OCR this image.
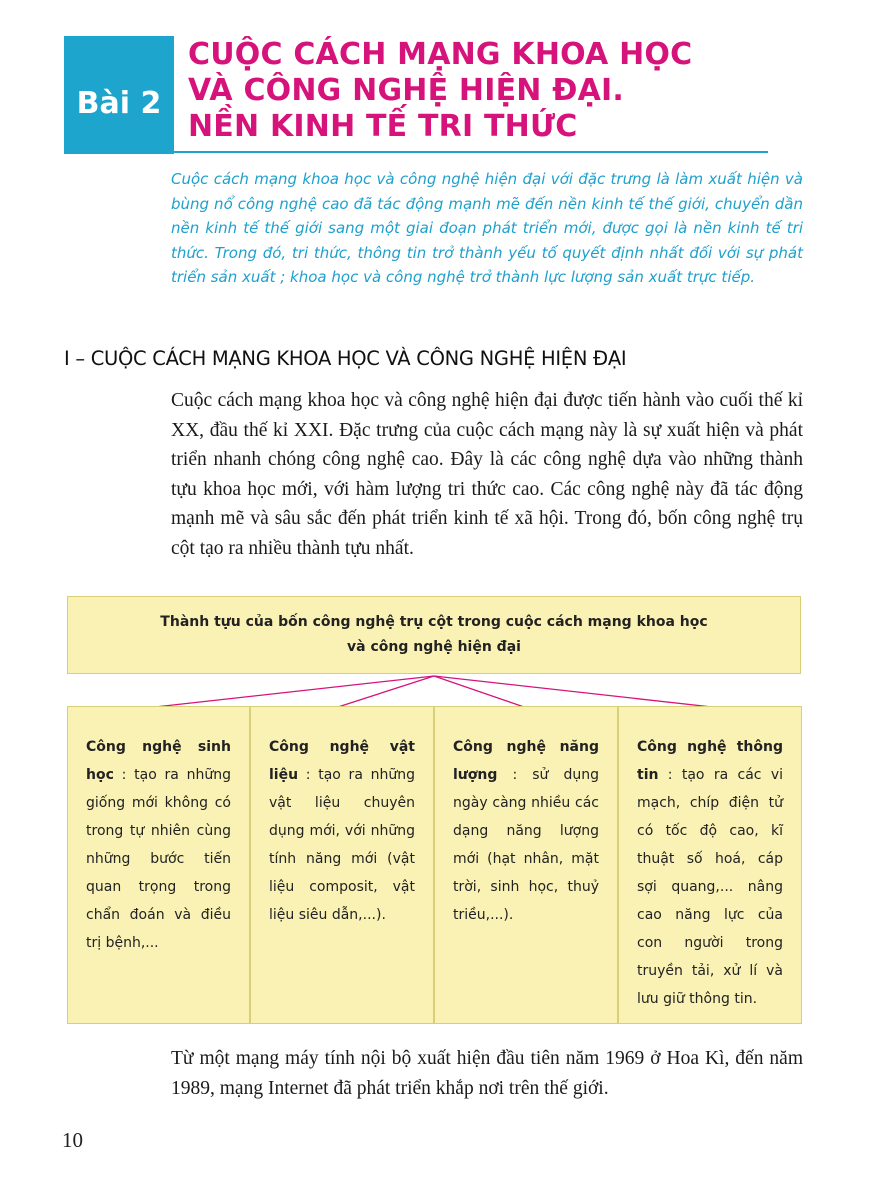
Bài 2
CUỘC CÁCH MẠNG KHOA HỌC
VÀ CÔNG NGHỆ HIỆN ĐẠI.
NỀN KINH TẾ TRI THỨC
Cuộc cách mạng khoa học và công nghệ hiện đại với đặc trưng là làm xuất hiện và bùng nổ công nghệ cao đã tác động mạnh mẽ đến nền kinh tế thế giới, chuyển dần nền kinh tế thế giới sang một giai đoạn phát triển mới, được gọi là nền kinh tế tri thức. Trong đó, tri thức, thông tin trở thành yếu tố quyết định nhất đối với sự phát triển sản xuất ; khoa học và công nghệ trở thành lực lượng sản xuất trực tiếp.
I – CUỘC CÁCH MẠNG KHOA HỌC VÀ CÔNG NGHỆ HIỆN ĐẠI
Cuộc cách mạng khoa học và công nghệ hiện đại được tiến hành vào cuối thế kỉ XX, đầu thế kỉ XXI. Đặc trưng của cuộc cách mạng này là sự xuất hiện và phát triển nhanh chóng công nghệ cao. Đây là các công nghệ dựa vào những thành tựu khoa học mới, với hàm lượng tri thức cao. Các công nghệ này đã tác động mạnh mẽ và sâu sắc đến phát triển kinh tế xã hội. Trong đó, bốn công nghệ trụ cột tạo ra nhiều thành tựu nhất.
Thành tựu của bốn công nghệ trụ cột trong cuộc cách mạng khoa học
và công nghệ hiện đại
Công nghệ sinh học : tạo ra những giống mới không có trong tự nhiên cùng những bước tiến quan trọng trong chẩn đoán và điều trị bệnh,...
Công nghệ vật liệu : tạo ra những vật liệu chuyên dụng mới, với những tính năng mới (vật liệu composit, vật liệu siêu dẫn,...).
Công nghệ năng lượng : sử dụng ngày càng nhiều các dạng năng lượng mới (hạt nhân, mặt trời, sinh học, thuỷ triều,...).
Công nghệ thông tin : tạo ra các vi mạch, chíp điện tử có tốc độ cao, kĩ thuật số hoá, cáp sợi quang,... nâng cao năng lực của con người trong truyền tải, xử lí và lưu giữ thông tin.
Từ một mạng máy tính nội bộ xuất hiện đầu tiên năm 1969 ở Hoa Kì, đến năm 1989, mạng Internet đã phát triển khắp nơi trên thế giới.
10
